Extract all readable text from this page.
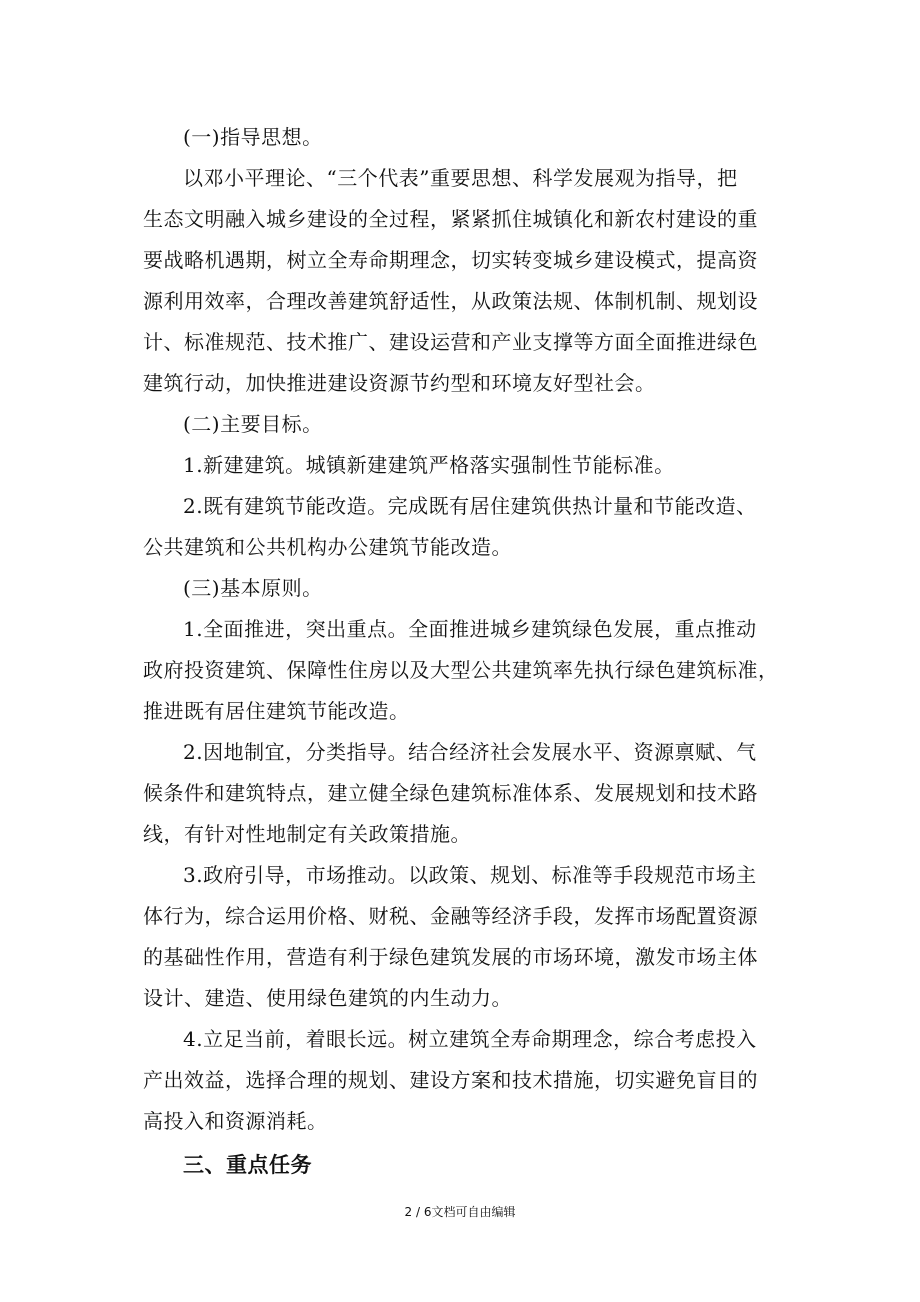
(一)指导思想。
以邓小平理论、“三个代表”重要思想、科学发展观为指导，把
生态文明融入城乡建设的全过程，紧紧抓住城镇化和新农村建设的重
要战略机遇期，树立全寿命期理念，切实转变城乡建设模式，提高资
源利用效率，合理改善建筑舒适性，从政策法规、体制机制、规划设
计、标准规范、技术推广、建设运营和产业支撑等方面全面推进绿色
建筑行动，加快推进建设资源节约型和环境友好型社会。
(二)主要目标。
1.新建建筑。城镇新建建筑严格落实强制性节能标准。
2.既有建筑节能改造。完成既有居住建筑供热计量和节能改造、
公共建筑和公共机构办公建筑节能改造。
(三)基本原则。
1.全面推进，突出重点。全面推进城乡建筑绿色发展，重点推动
政府投资建筑、保障性住房以及大型公共建筑率先执行绿色建筑标准，
推进既有居住建筑节能改造。
2.因地制宜，分类指导。结合经济社会发展水平、资源禀赋、气
候条件和建筑特点，建立健全绿色建筑标准体系、发展规划和技术路
线，有针对性地制定有关政策措施。
3.政府引导，市场推动。以政策、规划、标准等手段规范市场主
体行为，综合运用价格、财税、金融等经济手段，发挥市场配置资源
的基础性作用，营造有利于绿色建筑发展的市场环境，激发市场主体
设计、建造、使用绿色建筑的内生动力。
4.立足当前，着眼长远。树立建筑全寿命期理念，综合考虑投入
产出效益，选择合理的规划、建设方案和技术措施，切实避免盲目的
高投入和资源消耗。
三、重点任务
2 / 6文档可自由编辑
